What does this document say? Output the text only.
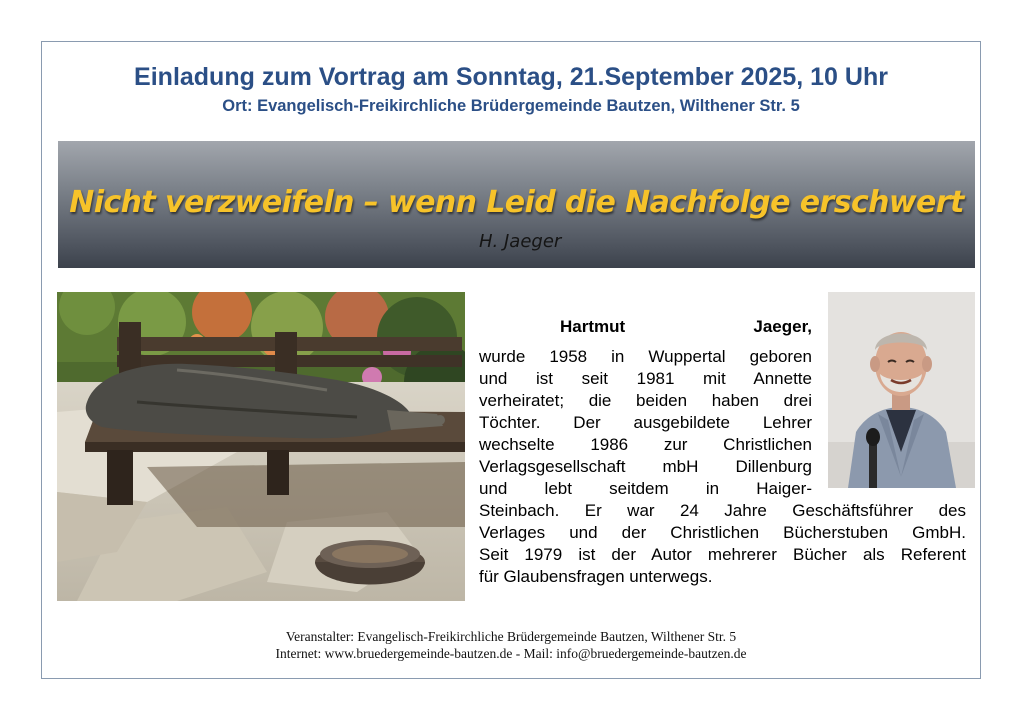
Einladung zum Vortrag am Sonntag, 21.September 2025, 10 Uhr
Ort: Evangelisch-Freikirchliche Brüdergemeinde Bautzen, Wilthener Str. 5
Nicht verzweifeln – wenn Leid die Nachfolge erschwert
H. Jaeger
Hartmut Jaeger,
wurde 1958 in Wuppertal geboren
und ist seit 1981 mit Annette
verheiratet; die beiden haben drei
Töchter. Der ausgebildete Lehrer
wechselte 1986 zur Christlichen
Verlagsgesellschaft mbH Dillenburg
und lebt seitdem in Haiger-
Steinbach. Er war 24 Jahre Geschäftsführer des
Verlages und der Christlichen Bücherstuben GmbH.
Seit 1979 ist der Autor mehrerer Bücher als Referent
für Glaubensfragen unterwegs.
Veranstalter: Evangelisch-Freikirchliche Brüdergemeinde Bautzen, Wilthener Str. 5
Internet: www.bruedergemeinde-bautzen.de - Mail: info@bruedergemeinde-bautzen.de
